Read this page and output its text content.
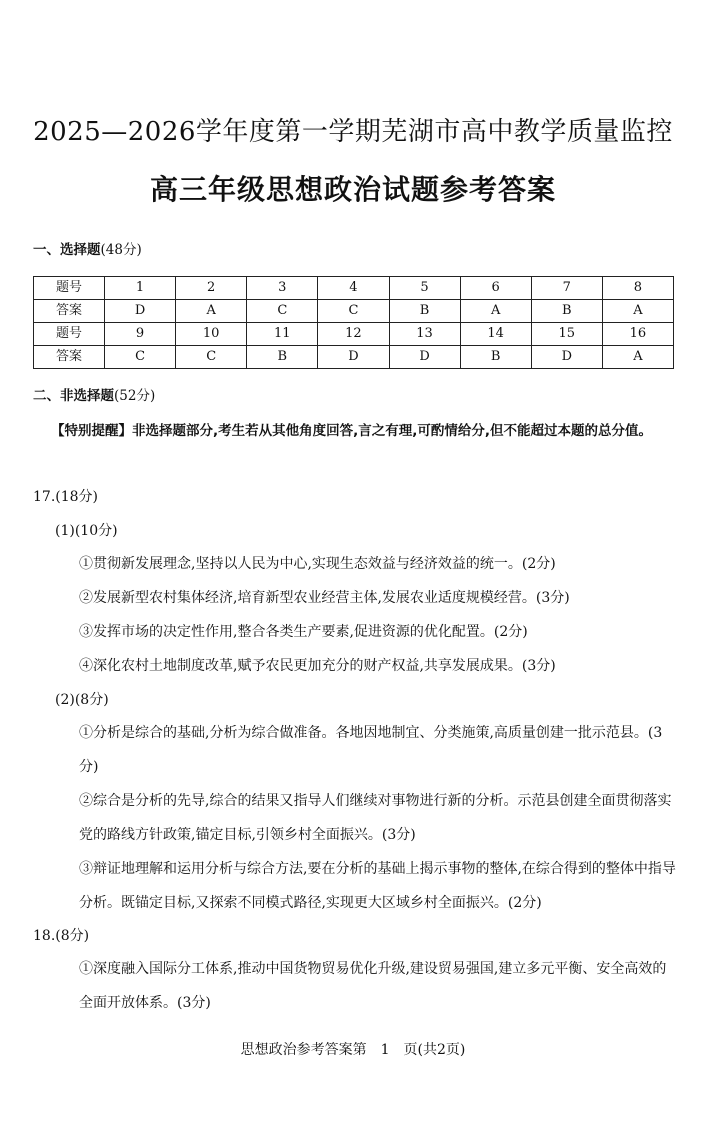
2025—2026学年度第一学期芜湖市高中教学质量监控
高三年级思想政治试题参考答案
一、选择题(48分)
题号	1	2	3	4	5	6	7	8
答案	D	A	C	C	B	A	B	A
题号	9	10	11	12	13	14	15	16
答案	C	C	B	D	D	B	D	A
二、非选择题(52分)
【特别提醒】非选择题部分,考生若从其他角度回答,言之有理,可酌情给分,但不能超过本题的总分值。
17.(18分)
(1)(10分)
①贯彻新发展理念,坚持以人民为中心,实现生态效益与经济效益的统一。(2分)
②发展新型农村集体经济,培育新型农业经营主体,发展农业适度规模经营。(3分)
③发挥市场的决定性作用,整合各类生产要素,促进资源的优化配置。(2分)
④深化农村土地制度改革,赋予农民更加充分的财产权益,共享发展成果。(3分)
(2)(8分)
①分析是综合的基础,分析为综合做准备。各地因地制宜、分类施策,高质量创建一批示范县。(3分)
②综合是分析的先导,综合的结果又指导人们继续对事物进行新的分析。示范县创建全面贯彻落实党的路线方针政策,锚定目标,引领乡村全面振兴。(3分)
③辩证地理解和运用分析与综合方法,要在分析的基础上揭示事物的整体,在综合得到的整体中指导分析。既锚定目标,又探索不同模式路径,实现更大区域乡村全面振兴。(2分)
18.(8分)
①深度融入国际分工体系,推动中国货物贸易优化升级,建设贸易强国,建立多元平衡、安全高效的全面开放体系。(3分)
思想政治参考答案第　1　页(共2页)
